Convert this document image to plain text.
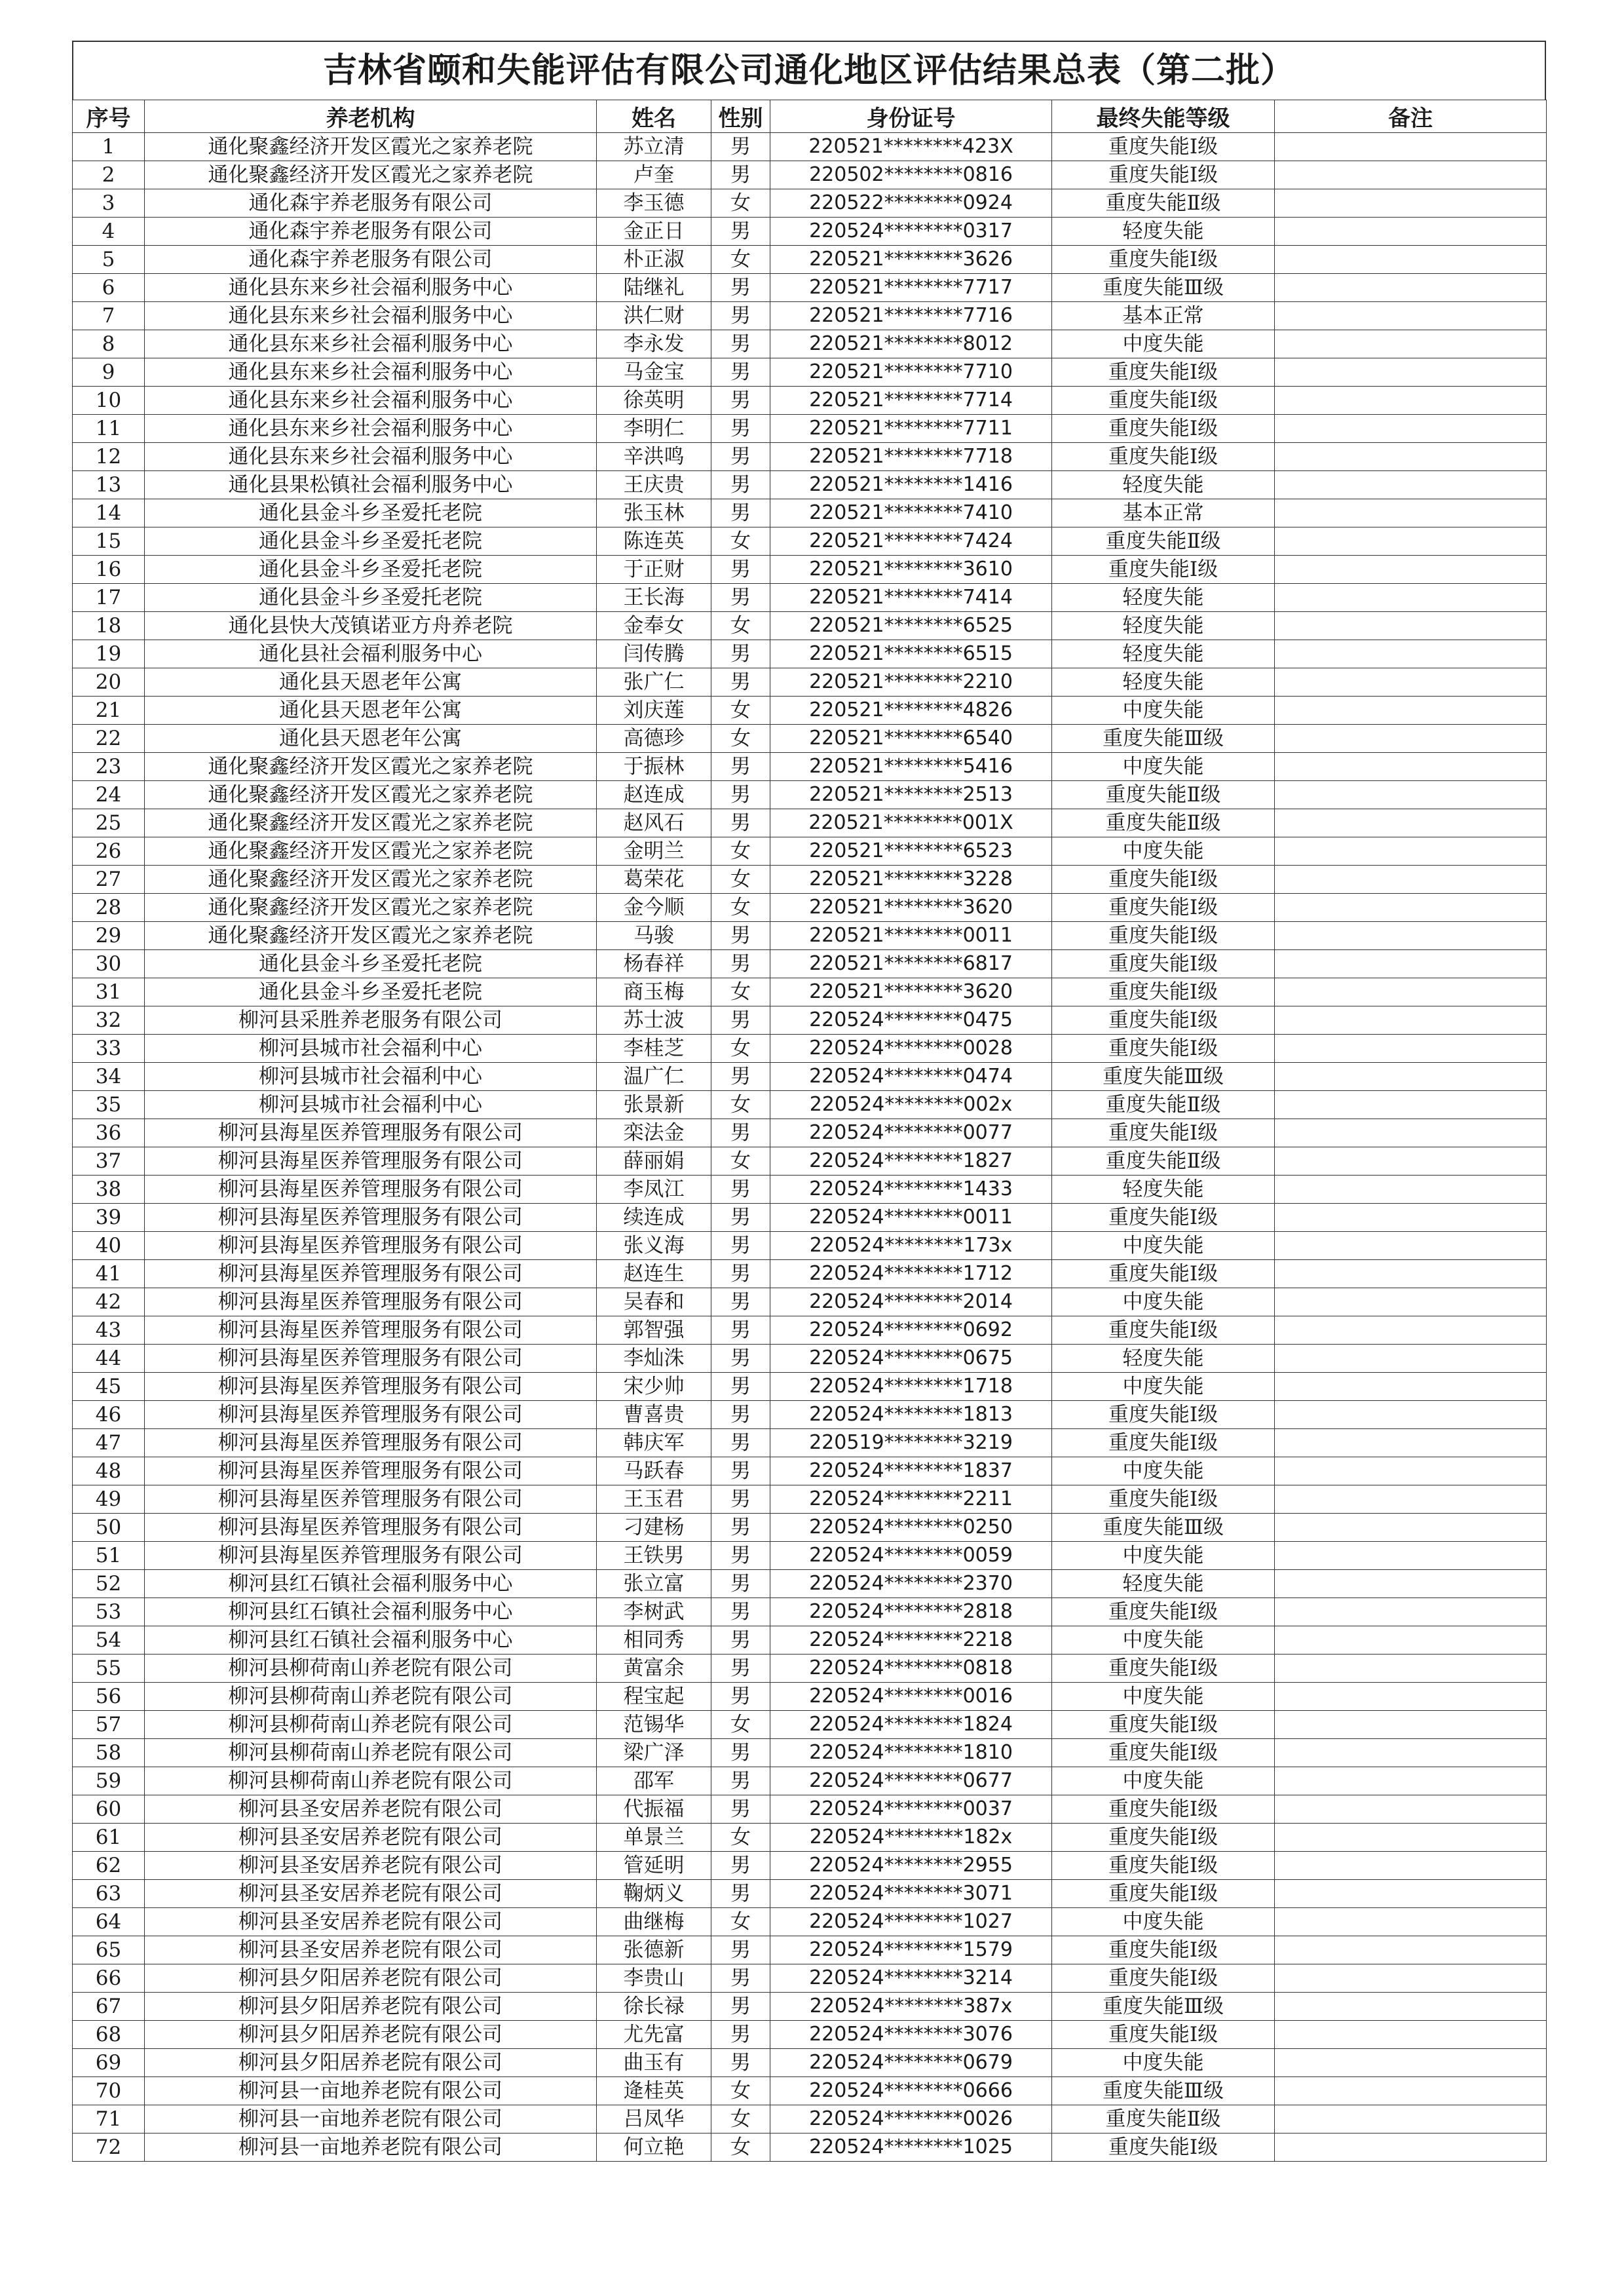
吉林省颐和失能评估有限公司通化地区评估结果总表（第二批）
序号	养老机构	姓名	性别	身份证号	最终失能等级	备注
1	通化聚鑫经济开发区霞光之家养老院	苏立清	男	220521********423X	重度失能Ⅰ级	
2	通化聚鑫经济开发区霞光之家养老院	卢奎	男	220502********0816	重度失能Ⅰ级	
3	通化森宇养老服务有限公司	李玉德	女	220522********0924	重度失能Ⅱ级	
4	通化森宇养老服务有限公司	金正日	男	220524********0317	轻度失能	
5	通化森宇养老服务有限公司	朴正淑	女	220521********3626	重度失能Ⅰ级	
6	通化县东来乡社会福利服务中心	陆继礼	男	220521********7717	重度失能Ⅲ级	
7	通化县东来乡社会福利服务中心	洪仁财	男	220521********7716	基本正常	
8	通化县东来乡社会福利服务中心	李永发	男	220521********8012	中度失能	
9	通化县东来乡社会福利服务中心	马金宝	男	220521********7710	重度失能Ⅰ级	
10	通化县东来乡社会福利服务中心	徐英明	男	220521********7714	重度失能Ⅰ级	
11	通化县东来乡社会福利服务中心	李明仁	男	220521********7711	重度失能Ⅰ级	
12	通化县东来乡社会福利服务中心	辛洪鸣	男	220521********7718	重度失能Ⅰ级	
13	通化县果松镇社会福利服务中心	王庆贵	男	220521********1416	轻度失能	
14	通化县金斗乡圣爱托老院	张玉林	男	220521********7410	基本正常	
15	通化县金斗乡圣爱托老院	陈连英	女	220521********7424	重度失能Ⅱ级	
16	通化县金斗乡圣爱托老院	于正财	男	220521********3610	重度失能Ⅰ级	
17	通化县金斗乡圣爱托老院	王长海	男	220521********7414	轻度失能	
18	通化县快大茂镇诺亚方舟养老院	金奉女	女	220521********6525	轻度失能	
19	通化县社会福利服务中心	闫传腾	男	220521********6515	轻度失能	
20	通化县天恩老年公寓	张广仁	男	220521********2210	轻度失能	
21	通化县天恩老年公寓	刘庆莲	女	220521********4826	中度失能	
22	通化县天恩老年公寓	高德珍	女	220521********6540	重度失能Ⅲ级	
23	通化聚鑫经济开发区霞光之家养老院	于振林	男	220521********5416	中度失能	
24	通化聚鑫经济开发区霞光之家养老院	赵连成	男	220521********2513	重度失能Ⅱ级	
25	通化聚鑫经济开发区霞光之家养老院	赵风石	男	220521********001X	重度失能Ⅱ级	
26	通化聚鑫经济开发区霞光之家养老院	金明兰	女	220521********6523	中度失能	
27	通化聚鑫经济开发区霞光之家养老院	葛荣花	女	220521********3228	重度失能Ⅰ级	
28	通化聚鑫经济开发区霞光之家养老院	金今顺	女	220521********3620	重度失能Ⅰ级	
29	通化聚鑫经济开发区霞光之家养老院	马骏	男	220521********0011	重度失能Ⅰ级	
30	通化县金斗乡圣爱托老院	杨春祥	男	220521********6817	重度失能Ⅰ级	
31	通化县金斗乡圣爱托老院	商玉梅	女	220521********3620	重度失能Ⅰ级	
32	柳河县采胜养老服务有限公司	苏士波	男	220524********0475	重度失能Ⅰ级	
33	柳河县城市社会福利中心	李桂芝	女	220524********0028	重度失能Ⅰ级	
34	柳河县城市社会福利中心	温广仁	男	220524********0474	重度失能Ⅲ级	
35	柳河县城市社会福利中心	张景新	女	220524********002x	重度失能Ⅱ级	
36	柳河县海星医养管理服务有限公司	栾法金	男	220524********0077	重度失能Ⅰ级	
37	柳河县海星医养管理服务有限公司	薛丽娟	女	220524********1827	重度失能Ⅱ级	
38	柳河县海星医养管理服务有限公司	李凤江	男	220524********1433	轻度失能	
39	柳河县海星医养管理服务有限公司	续连成	男	220524********0011	重度失能Ⅰ级	
40	柳河县海星医养管理服务有限公司	张义海	男	220524********173x	中度失能	
41	柳河县海星医养管理服务有限公司	赵连生	男	220524********1712	重度失能Ⅰ级	
42	柳河县海星医养管理服务有限公司	吴春和	男	220524********2014	中度失能	
43	柳河县海星医养管理服务有限公司	郭智强	男	220524********0692	重度失能Ⅰ级	
44	柳河县海星医养管理服务有限公司	李灿洙	男	220524********0675	轻度失能	
45	柳河县海星医养管理服务有限公司	宋少帅	男	220524********1718	中度失能	
46	柳河县海星医养管理服务有限公司	曹喜贵	男	220524********1813	重度失能Ⅰ级	
47	柳河县海星医养管理服务有限公司	韩庆军	男	220519********3219	重度失能Ⅰ级	
48	柳河县海星医养管理服务有限公司	马跃春	男	220524********1837	中度失能	
49	柳河县海星医养管理服务有限公司	王玉君	男	220524********2211	重度失能Ⅰ级	
50	柳河县海星医养管理服务有限公司	刁建杨	男	220524********0250	重度失能Ⅲ级	
51	柳河县海星医养管理服务有限公司	王铁男	男	220524********0059	中度失能	
52	柳河县红石镇社会福利服务中心	张立富	男	220524********2370	轻度失能	
53	柳河县红石镇社会福利服务中心	李树武	男	220524********2818	重度失能Ⅰ级	
54	柳河县红石镇社会福利服务中心	相同秀	男	220524********2218	中度失能	
55	柳河县柳荷南山养老院有限公司	黄富余	男	220524********0818	重度失能Ⅰ级	
56	柳河县柳荷南山养老院有限公司	程宝起	男	220524********0016	中度失能	
57	柳河县柳荷南山养老院有限公司	范锡华	女	220524********1824	重度失能Ⅰ级	
58	柳河县柳荷南山养老院有限公司	梁广泽	男	220524********1810	重度失能Ⅰ级	
59	柳河县柳荷南山养老院有限公司	邵军	男	220524********0677	中度失能	
60	柳河县圣安居养老院有限公司	代振福	男	220524********0037	重度失能Ⅰ级	
61	柳河县圣安居养老院有限公司	单景兰	女	220524********182x	重度失能Ⅰ级	
62	柳河县圣安居养老院有限公司	管延明	男	220524********2955	重度失能Ⅰ级	
63	柳河县圣安居养老院有限公司	鞠炳义	男	220524********3071	重度失能Ⅰ级	
64	柳河县圣安居养老院有限公司	曲继梅	女	220524********1027	中度失能	
65	柳河县圣安居养老院有限公司	张德新	男	220524********1579	重度失能Ⅰ级	
66	柳河县夕阳居养老院有限公司	李贵山	男	220524********3214	重度失能Ⅰ级	
67	柳河县夕阳居养老院有限公司	徐长禄	男	220524********387x	重度失能Ⅲ级	
68	柳河县夕阳居养老院有限公司	尤先富	男	220524********3076	重度失能Ⅰ级	
69	柳河县夕阳居养老院有限公司	曲玉有	男	220524********0679	中度失能	
70	柳河县一亩地养老院有限公司	逄桂英	女	220524********0666	重度失能Ⅲ级	
71	柳河县一亩地养老院有限公司	吕凤华	女	220524********0026	重度失能Ⅱ级	
72	柳河县一亩地养老院有限公司	何立艳	女	220524********1025	重度失能Ⅰ级	
